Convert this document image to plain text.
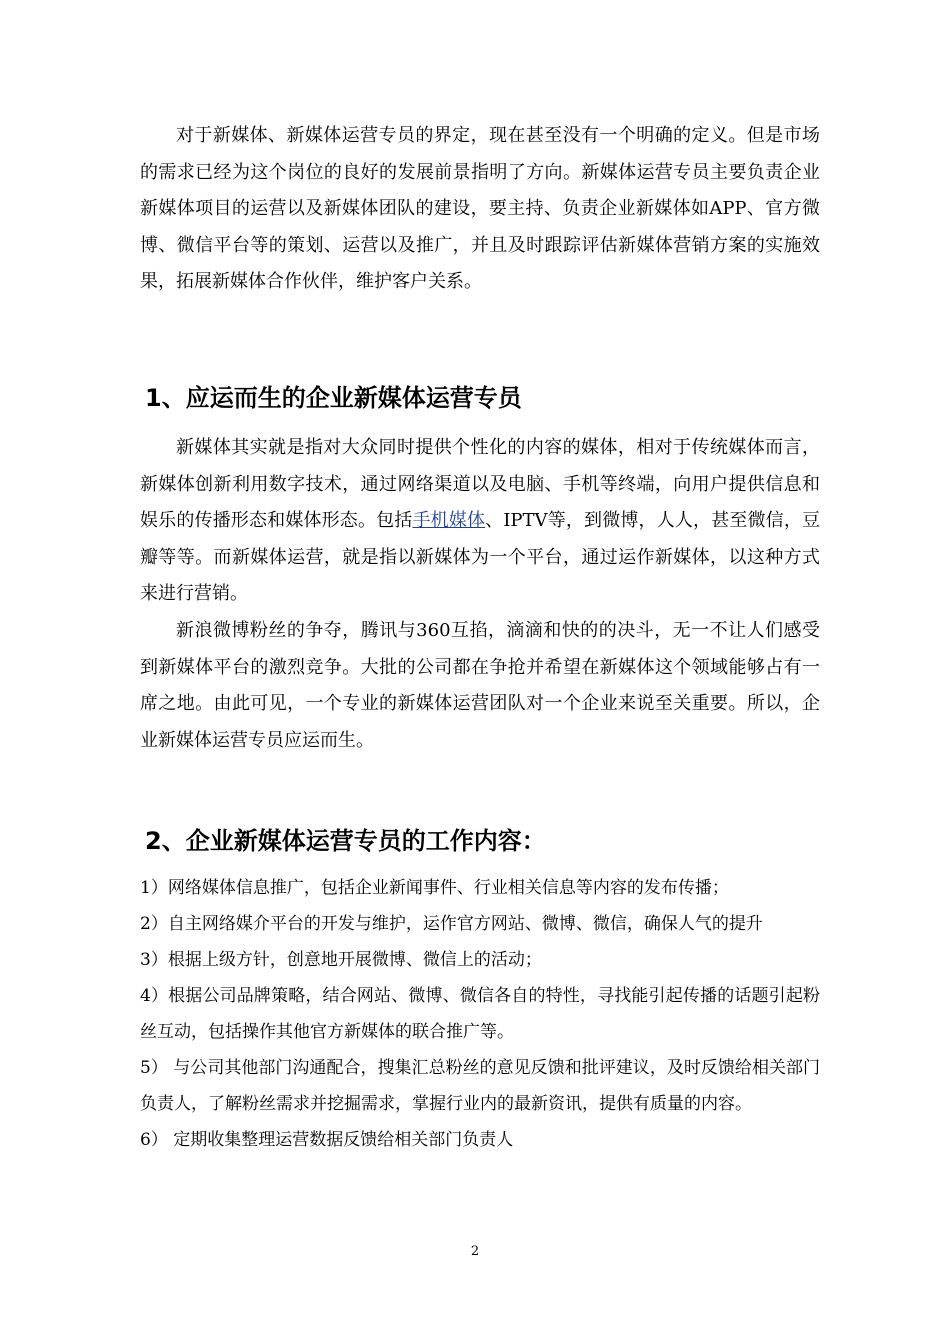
对于新媒体、新媒体运营专员的界定，现在甚至没有一个明确的定义。但是市场的需求已经为这个岗位的良好的发展前景指明了方向。新媒体运营专员主要负责企业新媒体项目的运营以及新媒体团队的建设，要主持、负责企业新媒体如APP、官方微博、微信平台等的策划、运营以及推广，并且及时跟踪评估新媒体营销方案的实施效果，拓展新媒体合作伙伴，维护客户关系。

1、应运而生的企业新媒体运营专员

新媒体其实就是指对大众同时提供个性化的内容的媒体，相对于传统媒体而言，新媒体创新利用数字技术，通过网络渠道以及电脑、手机等终端，向用户提供信息和娱乐的传播形态和媒体形态。包括手机媒体、IPTV等，到微博，人人，甚至微信，豆瓣等等。而新媒体运营，就是指以新媒体为一个平台，通过运作新媒体，以这种方式来进行营销。

新浪微博粉丝的争夺，腾讯与360互掐，滴滴和快的的决斗，无一不让人们感受到新媒体平台的激烈竞争。大批的公司都在争抢并希望在新媒体这个领域能够占有一席之地。由此可见，一个专业的新媒体运营团队对一个企业来说至关重要。所以，企业新媒体运营专员应运而生。

2、企业新媒体运营专员的工作内容：
1）网络媒体信息推广，包括企业新闻事件、行业相关信息等内容的发布传播；
2）自主网络媒介平台的开发与维护，运作官方网站、微博、微信，确保人气的提升
3）根据上级方针，创意地开展微博、微信上的活动；
4）根据公司品牌策略，结合网站、微博、微信各自的特性，寻找能引起传播的话题引起粉丝互动，包括操作其他官方新媒体的联合推广等。
5） 与公司其他部门沟通配合，搜集汇总粉丝的意见反馈和批评建议，及时反馈给相关部门负责人，了解粉丝需求并挖掘需求，掌握行业内的最新资讯，提供有质量的内容。
6） 定期收集整理运营数据反馈给相关部门负责人
2
